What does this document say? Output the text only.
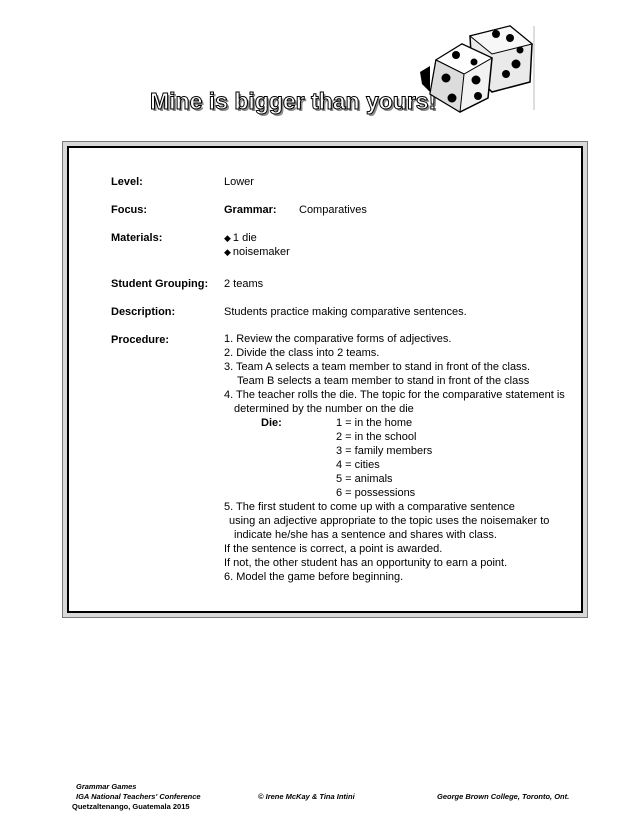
Mine is bigger than yours!
Level:	Lower
Focus:	Grammar: Comparatives
Materials:	◆ 1 die
◆ noisemaker
Student Grouping: 2 teams
Description:	Students practice making comparative sentences.
Procedure:	1. Review the comparative forms of adjectives.
2. Divide the class into 2 teams.
3. Team A selects a team member to stand in front of the class.
Team B selects a team member to stand in front of the class
4. The teacher rolls the die. The topic for the comparative statement is
determined by the number on the die
Die:	1 = in the home
2 = in the school
3 = family members
4 = cities
5 = animals
6 = possessions
5. The first student to come up with a comparative sentence
using an adjective appropriate to the topic uses the noisemaker to
indicate he/she has a sentence and shares with class.
If the sentence is correct, a point is awarded.
If not, the other student has an opportunity to earn a point.
6. Model the game before beginning.
Grammar Games
IGA National Teachers' Conference
Quetzaltenango, Guatemala 2015
© Irene McKay & Tina Intini	George Brown College, Toronto, Ont.
